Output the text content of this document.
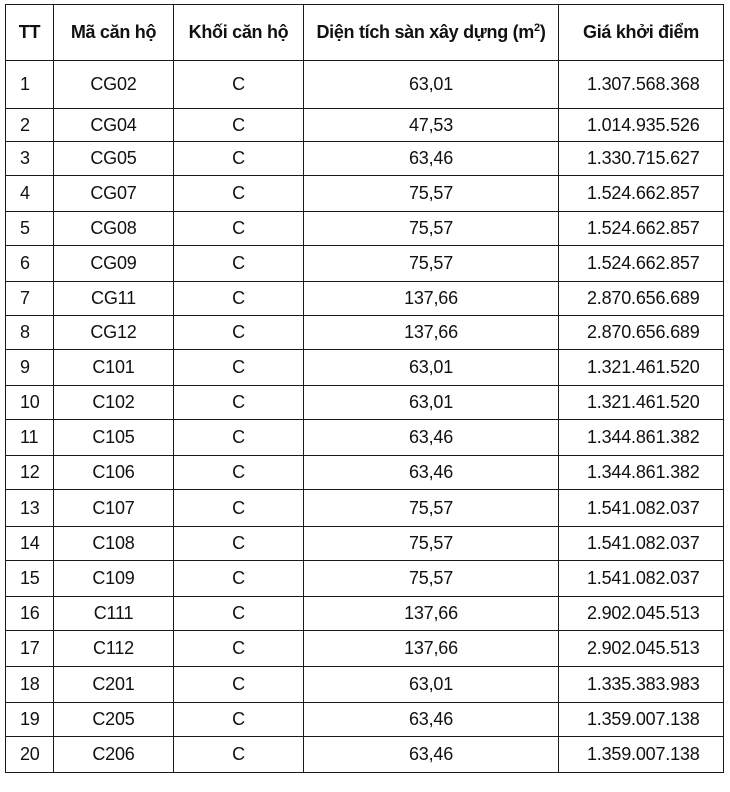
TT	Mã căn hộ	Khối căn hộ	Diện tích sàn xây dựng $(m^2)$	Giá khởi điểm
1	CG02	C	63,01	1.307.568.368
2	CG04	C	47,53	1.014.935.526
3	CG05	C	63,46	1.330.715.627
4	CG07	C	75,57	1.524.662.857
5	CG08	C	75,57	1.524.662.857
6	CG09	C	75,57	1.524.662.857
7	CG11	C	137,66	2.870.656.689
8	CG12	C	137,66	2.870.656.689
9	C101	C	63,01	1.321.461.520
10	C102	C	63,01	1.321.461.520
11	C105	C	63,46	1.344.861.382
12	C106	C	63,46	1.344.861.382
13	C107	C	75,57	1.541.082.037
14	C108	C	75,57	1.541.082.037
15	C109	C	75,57	1.541.082.037
16	C111	C	137,66	2.902.045.513
17	C112	C	137,66	2.902.045.513
18	C201	C	63,01	1.335.383.983
19	C205	C	63,46	1.359.007.138
20	C206	C	63,46	1.359.007.138
